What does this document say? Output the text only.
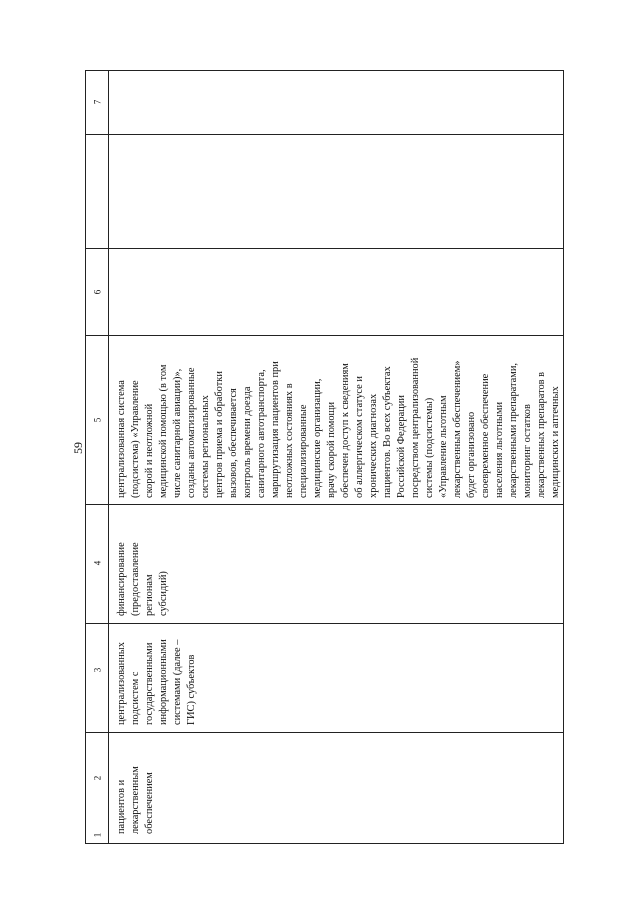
59
7
6
5
4
3
2
1
пациентов и
лекарственным
обеспечением
централизованных
подсистем с
государственными
информационными
системами (далее –
ГИС) субъектов
финансирование
(предоставление
регионам
субсидий)
централизованная система
(подсистема) «Управление
скорой и неотложной
медицинской помощью (в том
числе санитарной авиации)»,
созданы автоматизированные
системы региональных
центров приема и обработки
вызовов, обеспечивается
контроль времени доезда
санитарного автотранспорта,
маршрутизация пациентов при
неотложных состояниях в
специализированные
медицинские организации,
врачу скорой помощи
обеспечен доступ к сведениям
об аллергическом статусе и
хронических диагнозах
пациентов. Во всех субъектах
Российской Федерации
посредством централизованной
системы (подсистемы)
«Управление льготным
лекарственным обеспечением»
будет организовано
своевременное обеспечение
населения льготными
лекарственными препаратами,
мониторинг остатков
лекарственных препаратов в
медицинских и аптечных
